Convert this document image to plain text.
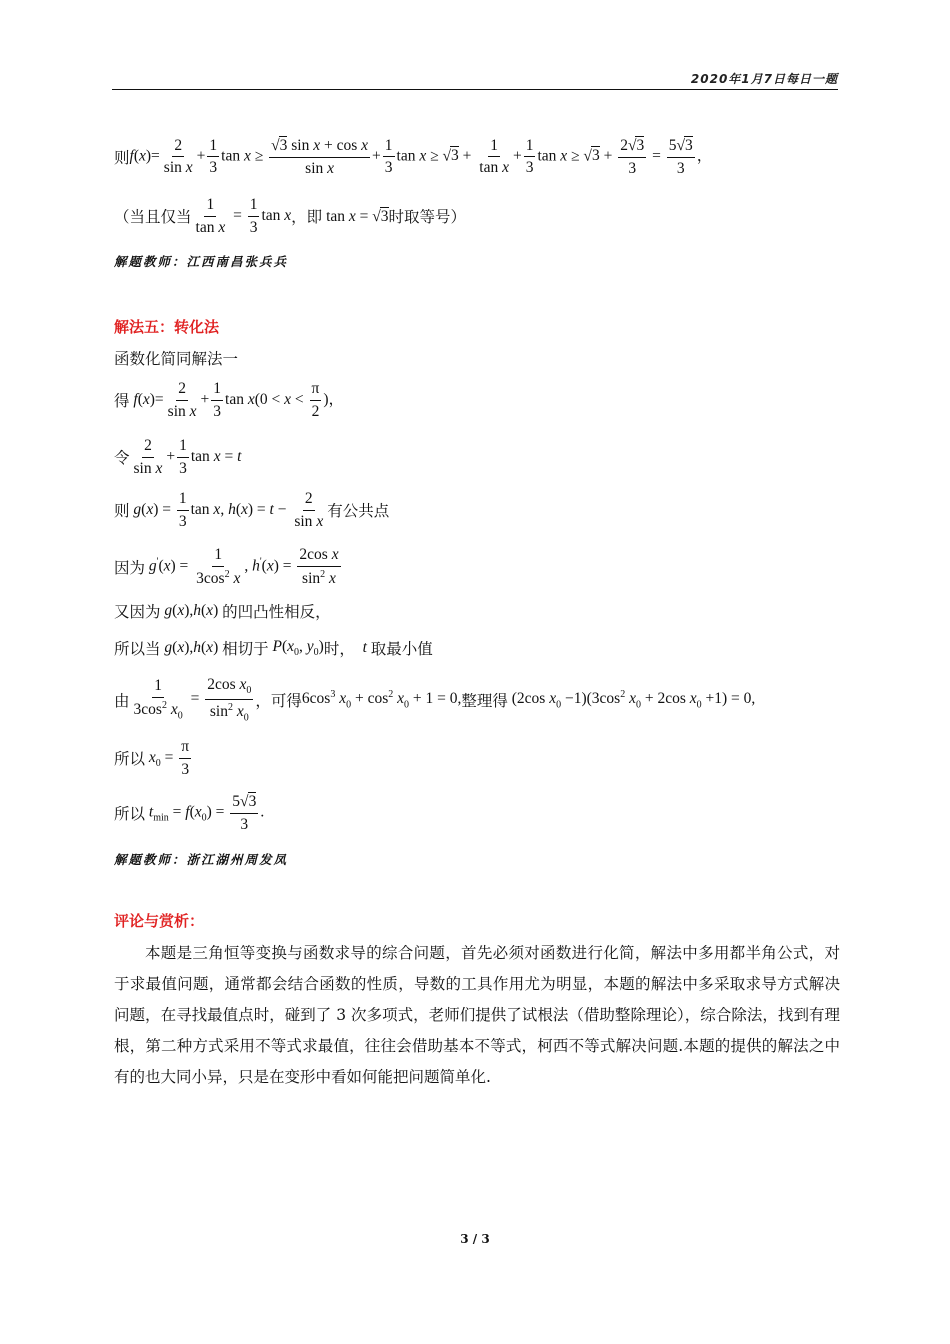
2020年1月7日每日一题
则 $f(x)= \frac{2}{\text{sin x}} + \frac{1}{3}$ $\tan x \ge \frac{\text{√3 sin x + cos x}}{\text{sin x}} + \frac{1}{3}$ $\tan x \ge √3 + \frac{1}{\text{tan x}} + \frac{1}{3}$ $\tan x \ge √3 + \frac{2√3}{3} = \frac{5√3}{3}$ ，
（当且仅当 $\frac{1}{\text{tan x}} = \frac{1}{3}$ tan x ，即 tan x = √3 时取等号）
解题教师：江西南昌张兵兵
解法五：转化法
函数化简同解法一
得 $f(x)= \frac{2}{\text{sin x}} + \frac{1}{3}$ $\tan x(0 < x < \frac{\pi}{2}$ )，
令 $\frac{2}{\text{sin x}} + \frac{1}{3}$ tan x = t
则 $g(x) = \frac{1}{3}$ tan x, $h(x) = t - \frac{2}{\text{sin x}}$ 有公共点
因为 $g'(x) = \frac{1}{3\cos^2 x}$ , $h'(x) = \frac{\text{2cos x}}{\sin^2 x}$
又因为 g(x),h(x) 的凹凸性相反，
所以当 g(x),h(x) 相切于 $P(x_0$, $y_0$) 时， t 取最小值
由 $\frac{1}{3\cos^2 x_0} = \frac{2\cos x_0}{\sin^2 x_0}$ ，可得 $6\cos^3$ $x_0 + \cos^2 x_0 + 1 = 0$, 整理得 (2cos $x_0 -1)(3\cos^2$ $x_0 + 2\cos$ $x_0 +1) = 0$,
所以 $x_0 = \frac{\pi}{3}$
所以 $t_{min} = f(x_0) = \frac{5√3}{3}$ .
解题教师：浙江湖州周发凤
评论与赏析：
本题是三角恒等变换与函数求导的综合问题，首先必须对函数进行化简，解法中多用都半角公式，对于求最值问题，通常都会结合函数的性质，导数的工具作用尤为明显，本题的解法中多采取求导方式解决问题，在寻找最值点时，碰到了 3 次多项式，老师们提供了试根法（借助整除理论），综合除法，找到有理根，第二种方式采用不等式求最值，往往会借助基本不等式，柯西不等式解决问题.本题的提供的解法之中有的也大同小异，只是在变形中看如何能把问题简单化.
3 / 3
